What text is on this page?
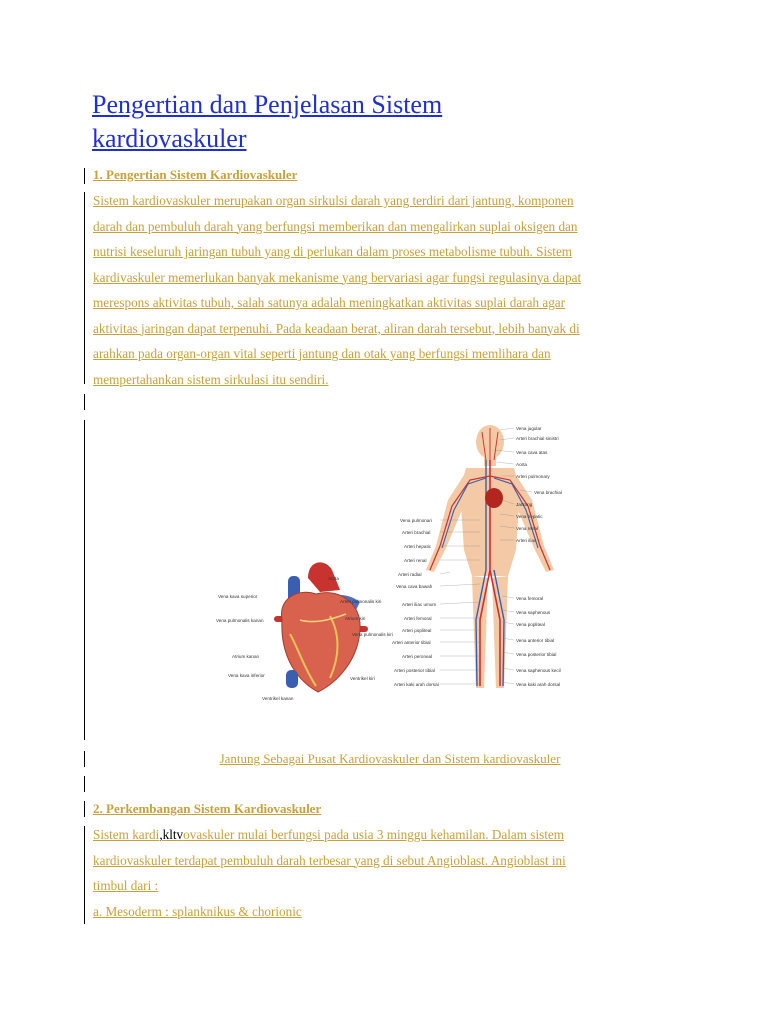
Pengertian dan Penjelasan Sistem
kardiovaskuler
1. Pengertian Sistem Kardiovaskuler
Sistem kardiovaskuler merupakan organ sirkulsi darah yang terdiri dari jantung, komponen
darah dan pembuluh darah yang berfungsi memberikan dan mengalirkan suplai oksigen dan
nutrisi keseluruh jaringan tubuh yang di perlukan dalam proses metabolisme tubuh. Sistem
kardivaskuler memerlukan banyak mekanisme yang bervariasi agar fungsi regulasinya dapat
merespons aktivitas tubuh, salah satunya adalah meningkatkan aktivitas suplai darah agar
aktivitas jaringan dapat terpenuhi. Pada keadaan berat, aliran darah tersebut, lebih banyak di
arahkan pada organ-organ vital seperti jantung dan otak yang berfungsi memlihara dan
mempertahankan sistem sirkulasi itu sendiri.
Aorta
Vena kava superior
Arteri pulmonalis kiri
Vena pulmonalis kanan	Atrium kiri
Vena pulmonalis kiri
Atrium kanan
Vena kava inferior
Ventrikel kiri
Ventrikel kanan
Vena jugular
Arteri brachial sinistri
Vena cava atas
Aorta
Arteri pulmonary
Vena brachial
Jantung
Vena hepatic
Vena renal
Arteri iliac
Vena femoral
Vena saphenous
Vena popliteal
Vena anterior tibial
Vena posterior tibial
Vena saphenous kecil
Vena kaki arah dorsal
Vena pulmonari
Arteri brachial
Arteri hepatic
Arteri renal
Arteri radial
Vena cava bawah
Arteri iliac umum
Arteri femoral
Arteri popliteal
Arteri anterior tibial
Arteri peroneal
Arteri posterior tibial
Arteri kaki arah dorsal
Jantung Sebagai Pusat Kardiovaskuler dan Sistem kardiovaskuler
2. Perkembangan Sistem Kardiovaskuler
Sistem kardi,kltvovaskuler mulai berfungsi pada usia 3 minggu kehamilan. Dalam sistem
kardiovaskuler terdapat pembuluh darah terbesar yang di sebut Angioblast. Angioblast ini
timbul dari :
a. Mesoderm : splanknikus & chorionic
